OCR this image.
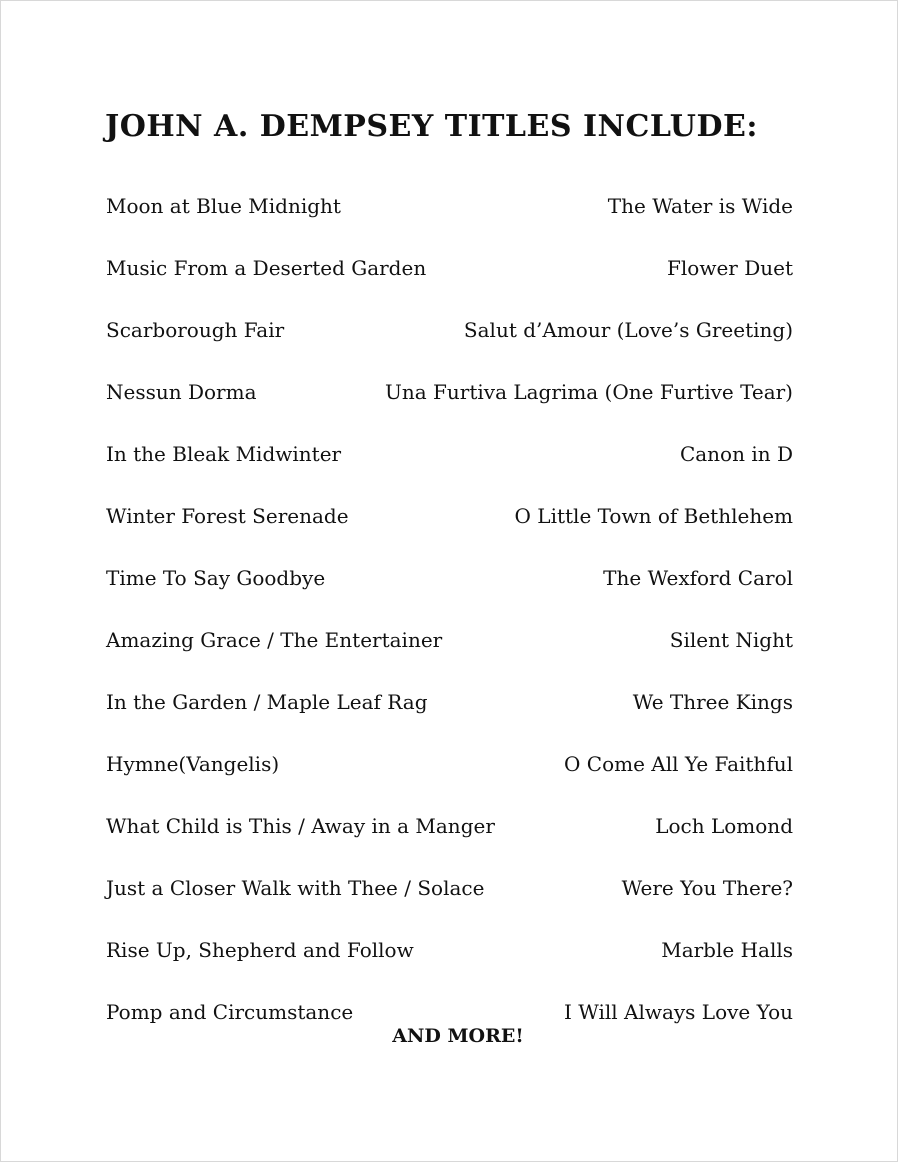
JOHN A. DEMPSEY TITLES INCLUDE:
Moon at Blue Midnight	The Water is Wide
Music From a Deserted Garden	Flower Duet
Scarborough Fair	Salut d’Amour (Love’s Greeting)
Nessun Dorma	Una Furtiva Lagrima (One Furtive Tear)
In the Bleak Midwinter	Canon in D
Winter Forest Serenade	O Little Town of Bethlehem
Time To Say Goodbye	The Wexford Carol
Amazing Grace / The Entertainer	Silent Night
In the Garden / Maple Leaf Rag	We Three Kings
Hymne(Vangelis)	O Come All Ye Faithful
What Child is This / Away in a Manger	Loch Lomond
Just a Closer Walk with Thee / Solace	Were You There?
Rise Up, Shepherd and Follow	Marble Halls
Pomp and Circumstance	I Will Always Love You
AND MORE!
